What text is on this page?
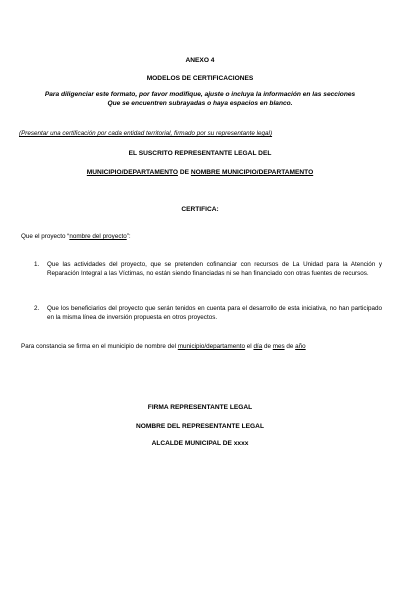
ANEXO 4
MODELOS DE CERTIFICACIONES
Para diligenciar este formato, por favor modifique, ajuste o incluya la información en las secciones
Que se encuentren subrayadas o haya espacios en blanco.
(Presentar una certificación por cada entidad territorial, firmado por su representante legal)
EL SUSCRITO REPRESENTANTE LEGAL DEL
MUNICIPIO/DEPARTAMENTO DE NOMBRE MUNICIPIO/DEPARTAMENTO
CERTIFICA:
Que el proyecto “nombre del proyecto”:
1. Que las actividades del proyecto, que se pretenden cofinanciar con recursos de La Unidad para la Atención y Reparación Integral a las Víctimas, no están siendo financiadas ni se han financiado con otras fuentes de recursos.
2. Que los beneficiarios del proyecto que serán tenidos en cuenta para el desarrollo de esta iniciativa, no han participado en la misma línea de inversión propuesta en otros proyectos.
Para constancia se firma en el municipio de nombre del municipio/departamento el día de mes de año
FIRMA REPRESENTANTE LEGAL
NOMBRE DEL REPRESENTANTE LEGAL
ALCALDE MUNICIPAL DE xxxx
